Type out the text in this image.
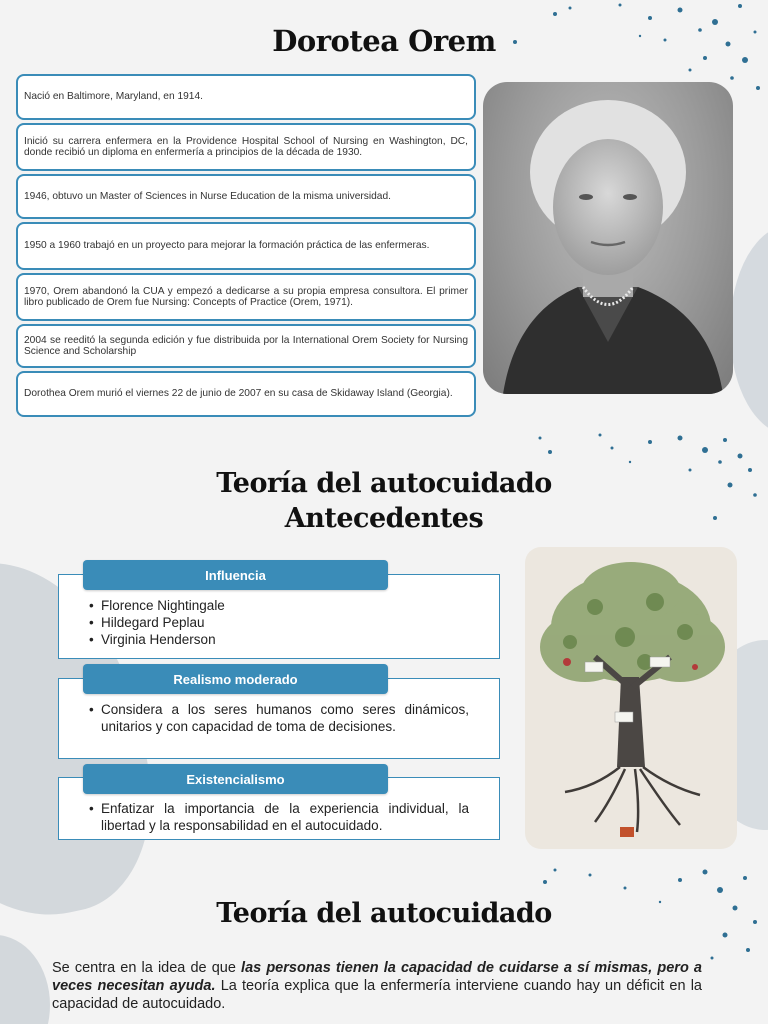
Dorotea Orem
Nació en Baltimore, Maryland, en 1914.
Inició su carrera enfermera en la Providence Hospital School of Nursing en Washington, DC, donde recibió un diploma en enfermería a principios de la década de 1930.
1946, obtuvo un Master of Sciences in Nurse Education de la misma universidad.
1950 a 1960 trabajó en un proyecto para mejorar la formación práctica de las enfermeras.
1970, Orem abandonó la CUA y empezó a dedicarse a su propia empresa consultora. El primer libro publicado de Orem fue Nursing: Concepts of Practice (Orem, 1971).
2004 se reeditó la segunda edición y fue distribuida por la International Orem Society for Nursing Science and Scholarship
Dorothea Orem murió el viernes 22 de junio de 2007 en su casa de Skidaway Island (Georgia).
Teoría del autocuidado
Antecedentes
• Florence Nightingale
• Hildegard Peplau
• Virginia Henderson
Influencia
• Considera a los seres humanos como seres dinámicos, unitarios y con capacidad de toma de decisiones.
Realismo moderado
• Enfatizar la importancia de la experiencia individual, la libertad y la responsabilidad en el autocuidado.
Existencialismo
Teoría del autocuidado

Se centra en la idea de que las personas tienen la capacidad de cuidarse a sí mismas, pero a veces necesitan ayuda. La teoría explica que la enfermería interviene cuando hay un déficit en la capacidad de autocuidado.
